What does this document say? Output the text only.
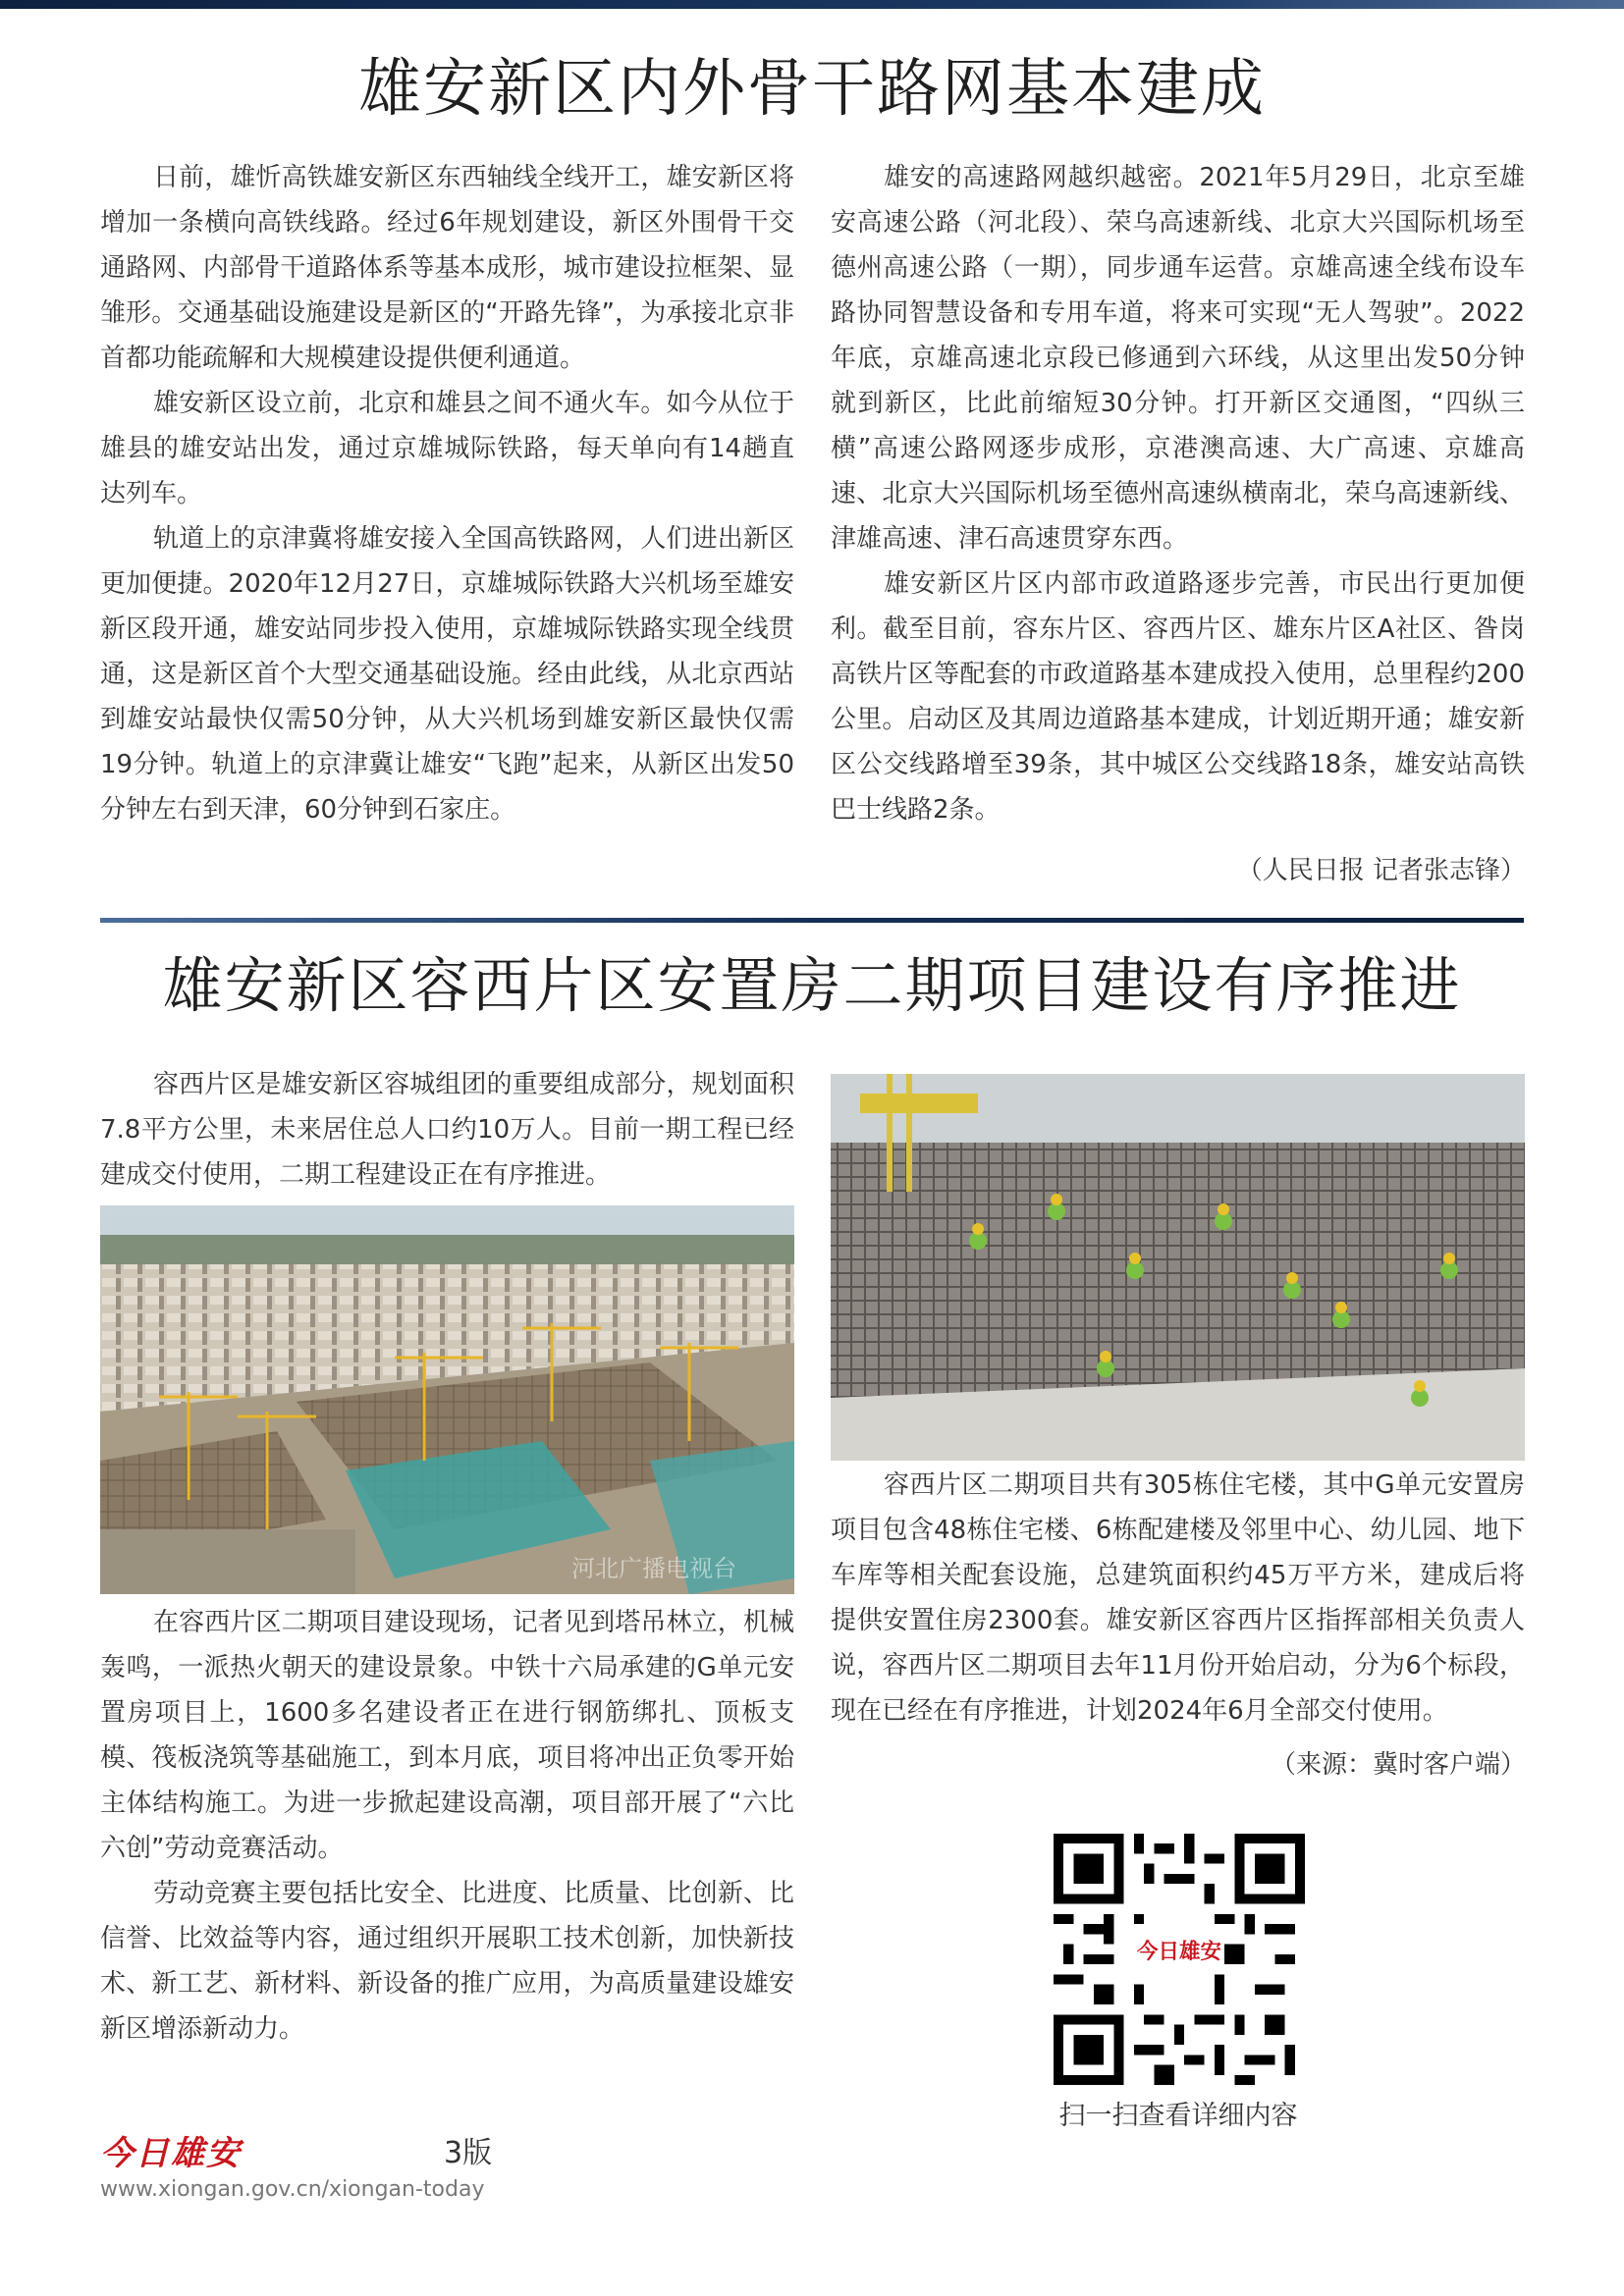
雄安新区内外骨干路网基本建成

日前，雄忻高铁雄安新区东西轴线全线开工，雄安新区将增加一条横向高铁线路。经过6年规划建设，新区外围骨干交通路网、内部骨干道路体系等基本成形，城市建设拉框架、显雏形。交通基础设施建设是新区的“开路先锋”，为承接北京非首都功能疏解和大规模建设提供便利通道。

雄安新区设立前，北京和雄县之间不通火车。如今从位于雄县的雄安站出发，通过京雄城际铁路，每天单向有14趟直达列车。

轨道上的京津冀将雄安接入全国高铁路网，人们进出新区更加便捷。2020年12月27日，京雄城际铁路大兴机场至雄安新区段开通，雄安站同步投入使用，京雄城际铁路实现全线贯通，这是新区首个大型交通基础设施。经由此线，从北京西站到雄安站最快仅需50分钟，从大兴机场到雄安新区最快仅需19分钟。轨道上的京津冀让雄安“飞跑”起来，从新区出发50分钟左右到天津，60分钟到石家庄。

雄安的高速路网越织越密。2021年5月29日，北京至雄安高速公路（河北段）、荣乌高速新线、北京大兴国际机场至德州高速公路（一期），同步通车运营。京雄高速全线布设车路协同智慧设备和专用车道，将来可实现“无人驾驶”。2022年底，京雄高速北京段已修通到六环线，从这里出发50分钟就到新区，比此前缩短30分钟。打开新区交通图，“四纵三横”高速公路网逐步成形，京港澳高速、大广高速、京雄高速、北京大兴国际机场至德州高速纵横南北，荣乌高速新线、津雄高速、津石高速贯穿东西。

雄安新区片区内部市政道路逐步完善，市民出行更加便利。截至目前，容东片区、容西片区、雄东片区A社区、昝岗高铁片区等配套的市政道路基本建成投入使用，总里程约200公里。启动区及其周边道路基本建成，计划近期开通；雄安新区公交线路增至39条，其中城区公交线路18条，雄安站高铁巴士线路2条。

（人民日报 记者张志锋）
雄安新区容西片区安置房二期项目建设有序推进

容西片区是雄安新区容城组团的重要组成部分，规划面积7.8平方公里，未来居住总人口约10万人。目前一期工程已经建成交付使用，二期工程建设正在有序推进。

河北广播电视台

在容西片区二期项目建设现场，记者见到塔吊林立，机械轰鸣，一派热火朝天的建设景象。中铁十六局承建的G单元安置房项目上，1600多名建设者正在进行钢筋绑扎、顶板支模、筏板浇筑等基础施工，到本月底，项目将冲出正负零开始主体结构施工。为进一步掀起建设高潮，项目部开展了“六比六创”劳动竞赛活动。

劳动竞赛主要包括比安全、比进度、比质量、比创新、比信誉、比效益等内容，通过组织开展职工技术创新，加快新技术、新工艺、新材料、新设备的推广应用，为高质量建设雄安新区增添新动力。

容西片区二期项目共有305栋住宅楼，其中G单元安置房项目包含48栋住宅楼、6栋配建楼及邻里中心、幼儿园、地下车库等相关配套设施，总建筑面积约45万平方米，建成后将提供安置住房2300套。雄安新区容西片区指挥部相关负责人说，容西片区二期项目去年11月份开始启动，分为6个标段，现在已经在有序推进，计划2024年6月全部交付使用。

（来源：冀时客户端）
今日雄安
扫一扫查看详细内容
今日雄安	3版
www.xiongan.gov.cn/xiongan-today
